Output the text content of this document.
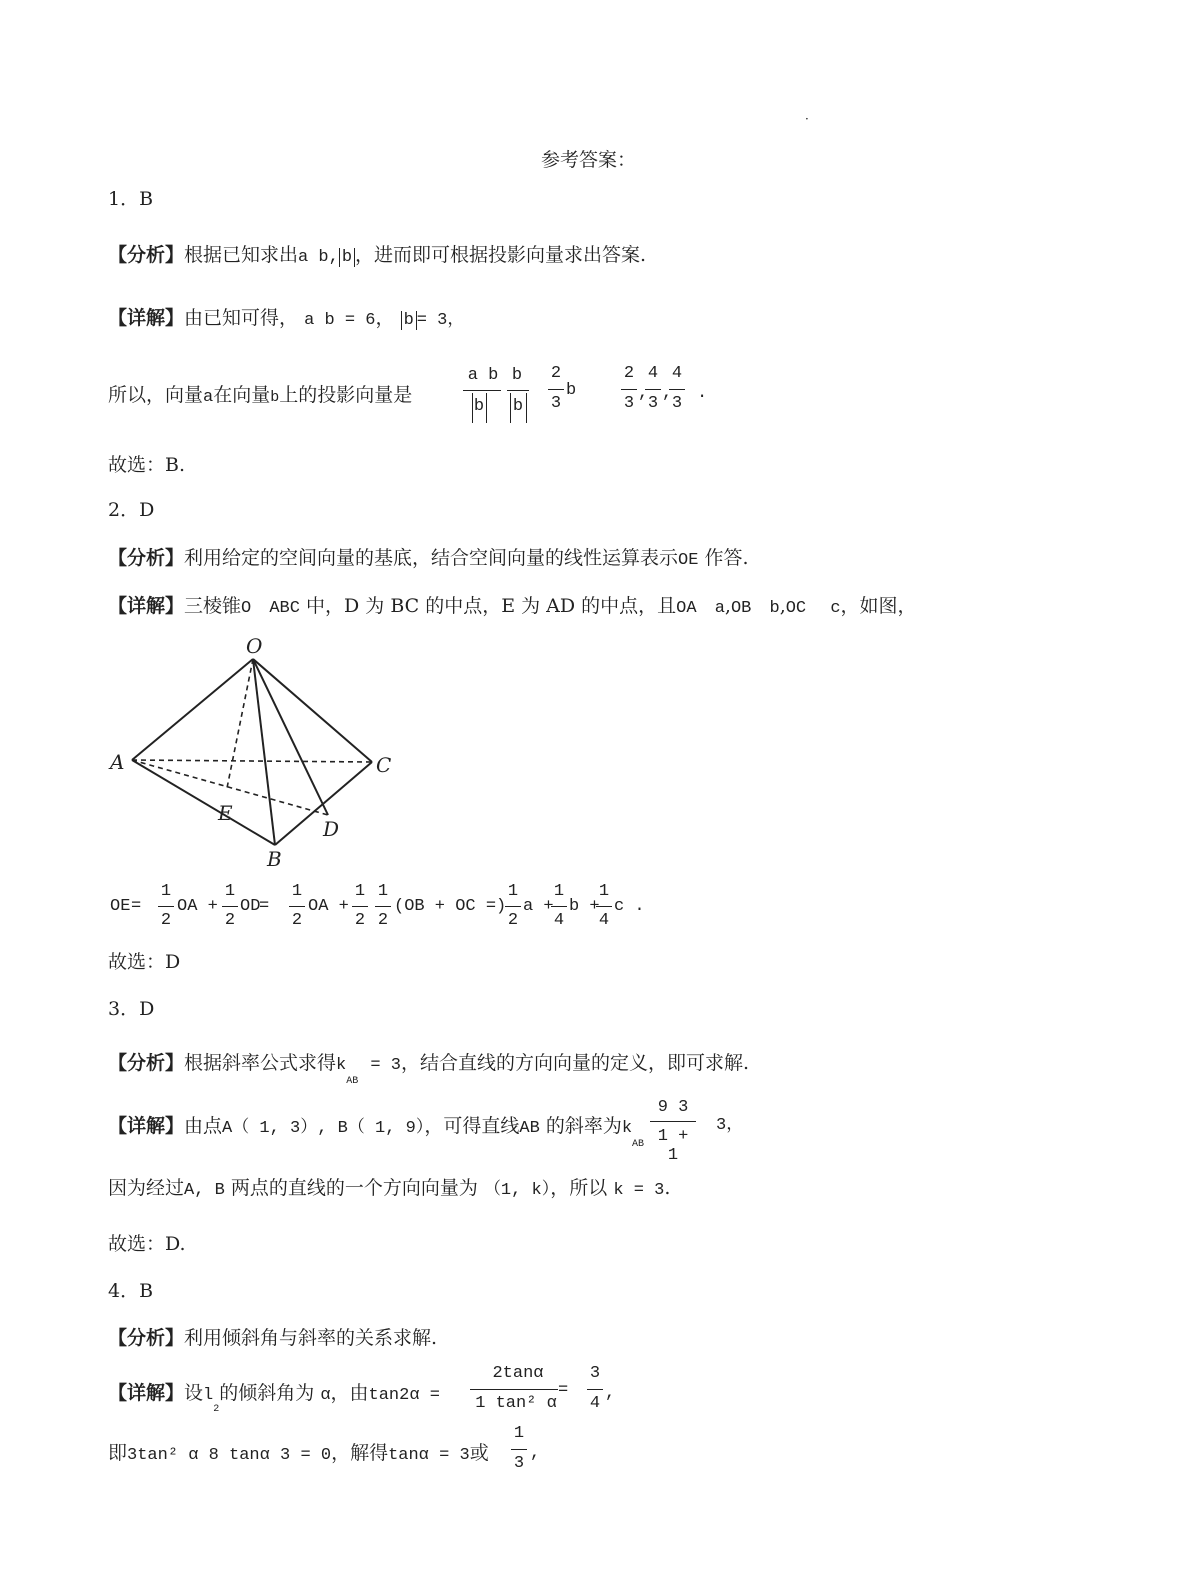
·
参考答案：
1．B
【分析】根据已知求出a b, b ，进而即可根据投影向量求出答案.
【详解】由已知可得， a b = 6， b = 3，
所以，向量a在向量b上的投影向量是
a b
b
b
b
2
3
b
2
3
,
4
3
,
4
3
.
故选：B.
2．D
【分析】利用给定的空间向量的基底，结合空间向量的线性运算表示OE 作答.
【详解】三棱锥O ABC 中，D 为 BC 的中点，E 为 AD 的中点，且OA a,OB b,OC c，如图，
O
A	C
E
D
B
OE =
1
2
OA +
1
2
OD
=
1
2
OA +
1
2
1
2
(OB + OC =)
1
2
a +
1
4
b +
1
4
c .
故选：D
3．D
【分析】根据斜率公式求得$k_{AB} = 3$，结合直线的方向向量的定义，即可求解.
【详解】由点A（ 1, 3）, B（ 1, 9），可得直线AB 的斜率为$k_{AB}$
9 3
1 + 1
3，
因为经过A, B 两点的直线的一个方向向量为 （1, k），所以 k = 3.
故选：D.
4．B
【分析】利用倾斜角与斜率的关系求解.
【详解】设$l_2$的倾斜角为 α，由tan2α =
2tanα
1 tan² α
=
3
4
,
即3tan² α 8 tanα 3 = 0，解得tanα = 3或
1
3
,
